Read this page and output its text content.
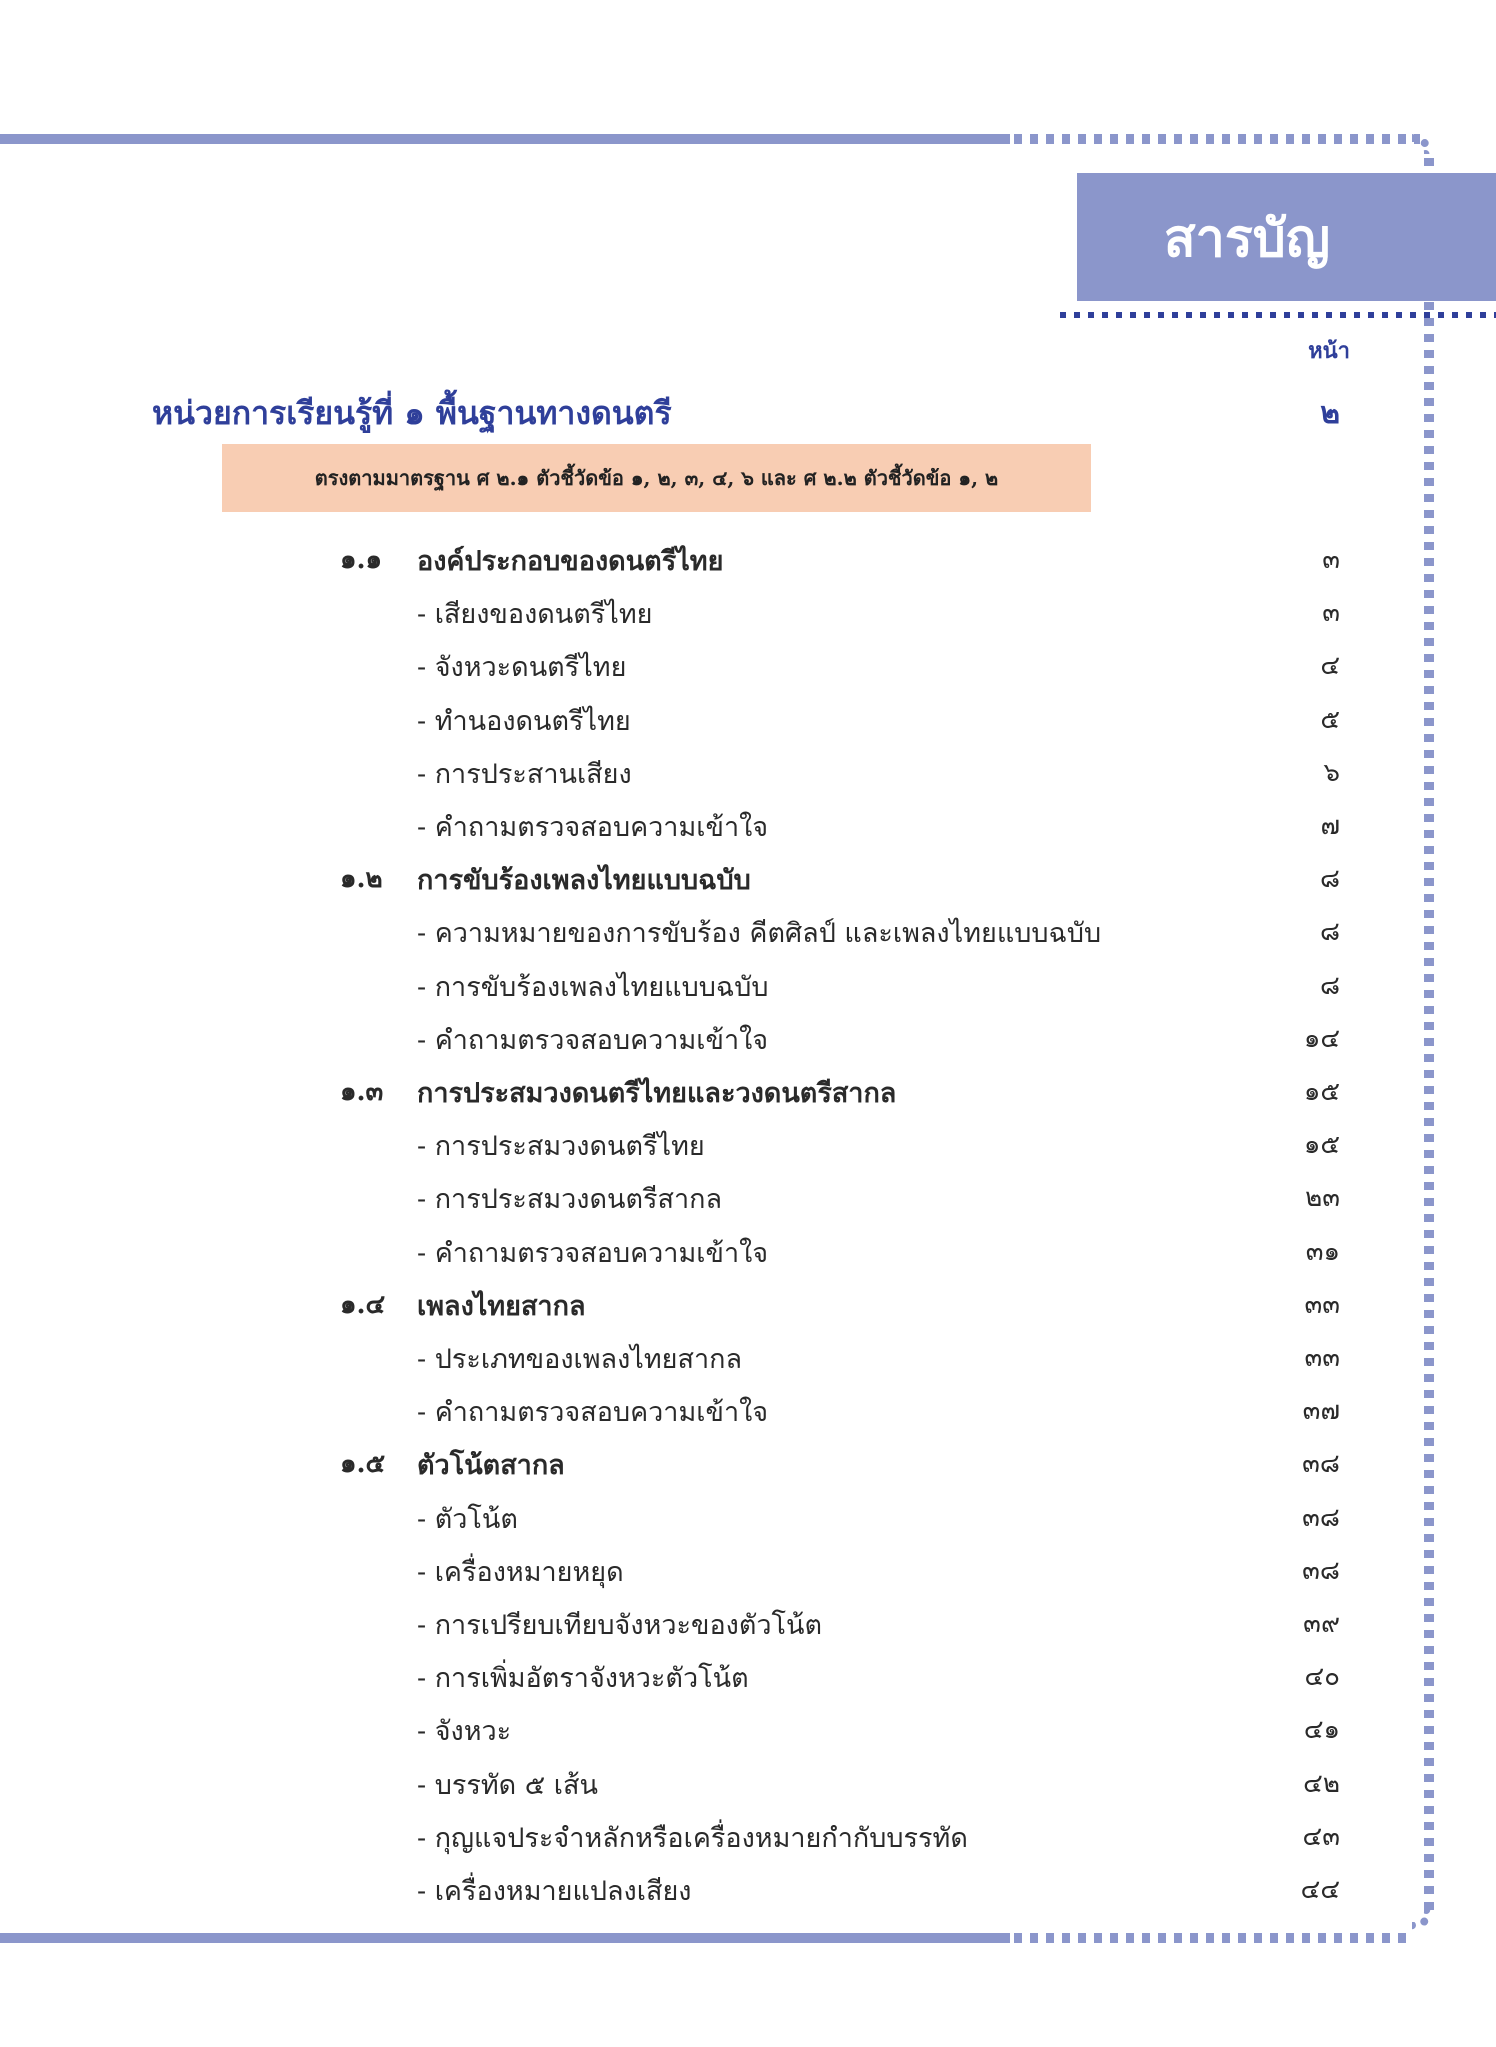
สารบัญ
หน้า
หน่วยการเรียนรู้ที่ ๑ พื้นฐานทางดนตรี	๒
ตรงตามมาตรฐาน ศ ๒.๑ ตัวชี้วัดข้อ ๑, ๒, ๓, ๔, ๖ และ ศ ๒.๒ ตัวชี้วัดข้อ ๑, ๒
๑.๑ องค์ประกอบของดนตรีไทย	๓
- เสียงของดนตรีไทย	๓
- จังหวะดนตรีไทย	๔
- ทำนองดนตรีไทย	๕
- การประสานเสียง	๖
- คำถามตรวจสอบความเข้าใจ	๗
๑.๒ การขับร้องเพลงไทยแบบฉบับ	๘
- ความหมายของการขับร้อง คีตศิลป์ และเพลงไทยแบบฉบับ	๘
- การขับร้องเพลงไทยแบบฉบับ	๘
- คำถามตรวจสอบความเข้าใจ	๑๔
๑.๓ การประสมวงดนตรีไทยและวงดนตรีสากล	๑๕
- การประสมวงดนตรีไทย	๑๕
- การประสมวงดนตรีสากล	๒๓
- คำถามตรวจสอบความเข้าใจ	๓๑
๑.๔ เพลงไทยสากล	๓๓
- ประเภทของเพลงไทยสากล	๓๓
- คำถามตรวจสอบความเข้าใจ	๓๗
๑.๕ ตัวโน้ตสากล	๓๘
- ตัวโน้ต	๓๘
- เครื่องหมายหยุด	๓๘
- การเปรียบเทียบจังหวะของตัวโน้ต	๓๙
- การเพิ่มอัตราจังหวะตัวโน้ต	๔๐
- จังหวะ	๔๑
- บรรทัด ๕ เส้น	๔๒
- กุญแจประจำหลักหรือเครื่องหมายกำกับบรรทัด	๔๓
- เครื่องหมายแปลงเสียง	๔๔
